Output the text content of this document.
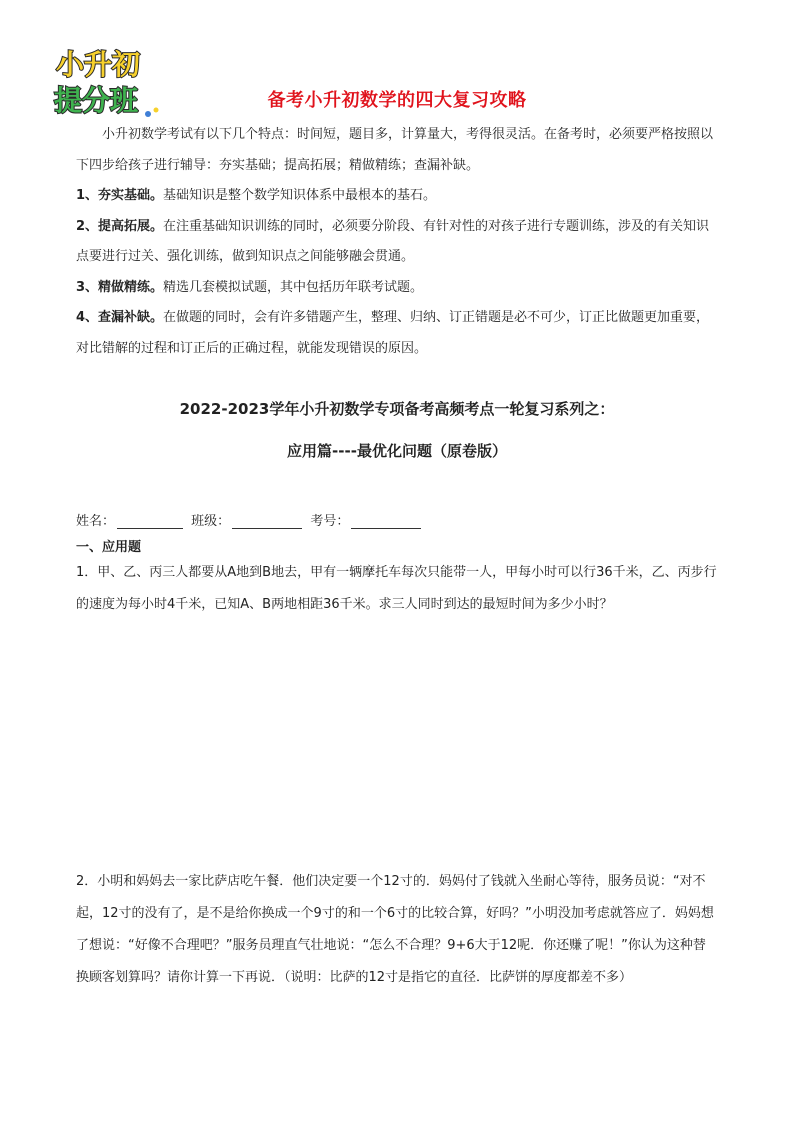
小升初
提分班	备考小升初数学的四大复习攻略

小升初数学考试有以下几个特点：时间短，题目多，计算量大，考得很灵活。在备考时，必须要严格按照以下四步给孩子进行辅导：夯实基础；提高拓展；精做精练；查漏补缺。

1、夯实基础。基础知识是整个数学知识体系中最根本的基石。

2、提高拓展。在注重基础知识训练的同时，必须要分阶段、有针对性的对孩子进行专题训练，涉及的有关知识点要进行过关、强化训练，做到知识点之间能够融会贯通。

3、精做精练。精选几套模拟试题，其中包括历年联考试题。

4、查漏补缺。在做题的同时，会有许多错题产生，整理、归纳、订正错题是必不可少，订正比做题更加重要，对比错解的过程和订正后的正确过程，就能发现错误的原因。

2022-2023学年小升初数学专项备考高频考点一轮复习系列之：
应用篇----最优化问题（原卷版）
姓名：	班级：	考号：
一、应用题

1．甲、乙、丙三人都要从A地到B地去，甲有一辆摩托车每次只能带一人，甲每小时可以行36千米，乙、丙步行的速度为每小时4千米，已知A、B两地相距36千米。求三人同时到达的最短时间为多少小时？

2．小明和妈妈去一家比萨店吃午餐．他们决定要一个12寸的．妈妈付了钱就入坐耐心等待，服务员说：“对不起，12寸的没有了，是不是给你换成一个9寸的和一个6寸的比较合算，好吗？”小明没加考虑就答应了．妈妈想了想说：“好像不合理吧？”服务员理直气壮地说：“怎么不合理？9+6大于12呢．你还赚了呢！”你认为这种替换顾客划算吗？请你计算一下再说．（说明：比萨的12寸是指它的直径．比萨饼的厚度都差不多）
